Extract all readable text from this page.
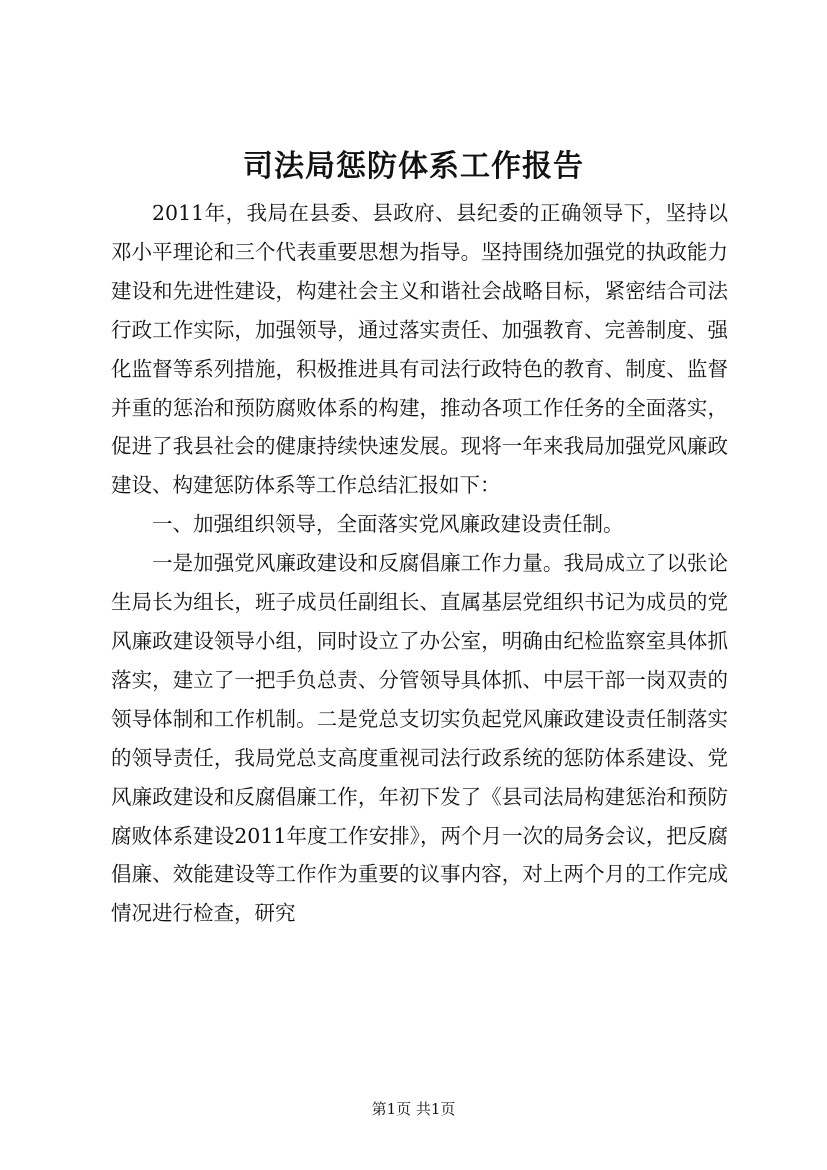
司法局惩防体系工作报告

2011年，我局在县委、县政府、县纪委的正确领导下，坚持以邓小平理论和三个代表重要思想为指导。坚持围绕加强党的执政能力建设和先进性建设，构建社会主义和谐社会战略目标，紧密结合司法行政工作实际，加强领导，通过落实责任、加强教育、完善制度、强化监督等系列措施，积极推进具有司法行政特色的教育、制度、监督并重的惩治和预防腐败体系的构建，推动各项工作任务的全面落实，促进了我县社会的健康持续快速发展。现将一年来我局加强党风廉政建设、构建惩防体系等工作总结汇报如下：

一、加强组织领导，全面落实党风廉政建设责任制。

一是加强党风廉政建设和反腐倡廉工作力量。我局成立了以张论生局长为组长，班子成员任副组长、直属基层党组织书记为成员的党风廉政建设领导小组，同时设立了办公室，明确由纪检监察室具体抓落实，建立了一把手负总责、分管领导具体抓、中层干部一岗双责的领导体制和工作机制。二是党总支切实负起党风廉政建设责任制落实的领导责任，我局党总支高度重视司法行政系统的惩防体系建设、党风廉政建设和反腐倡廉工作，年初下发了《县司法局构建惩治和预防腐败体系建设2011年度工作安排》，两个月一次的局务会议，把反腐倡廉、效能建设等工作作为重要的议事内容，对上两个月的工作完成情况进行检查，研究

第1页 共1页
